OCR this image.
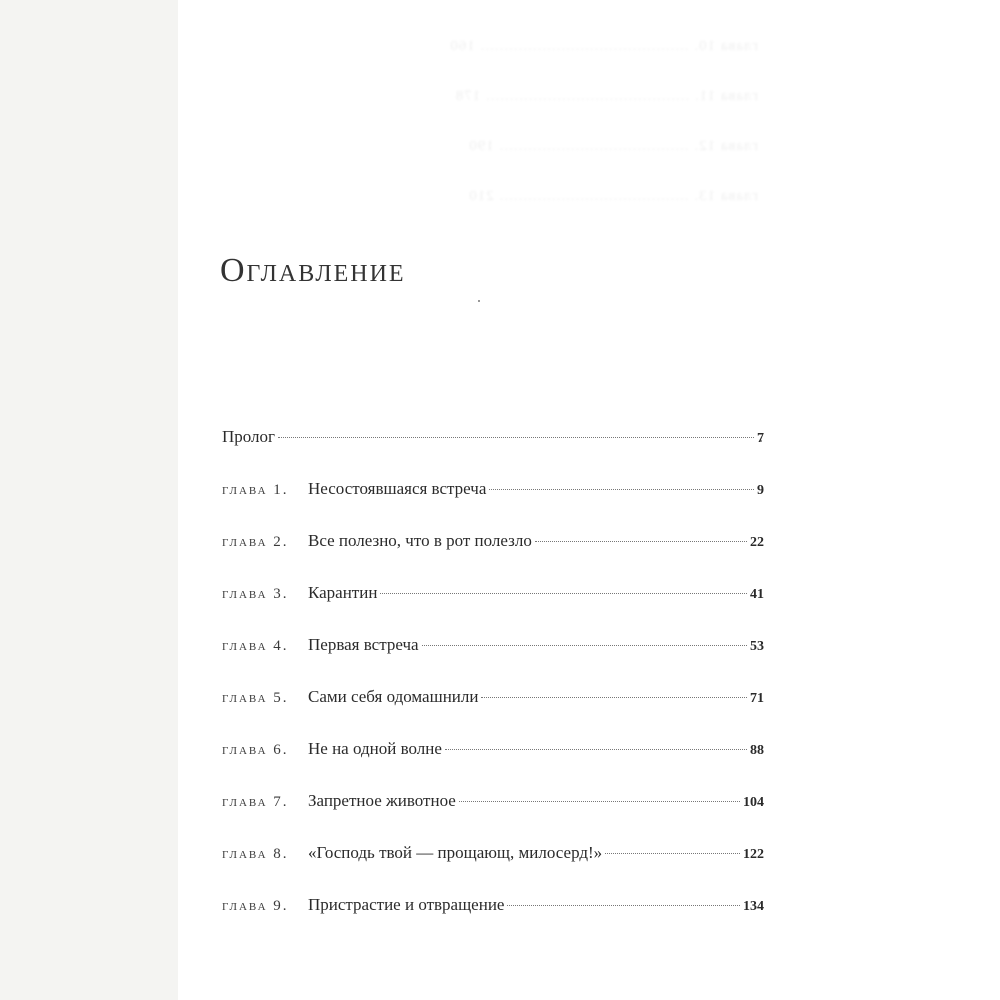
глава 10. ............................................ 160
глава 11. ........................................... 178
глава 12. ........................................ 190
глава 13. ........................................ 210
Оглавление
Пролог	7
глава 1.	Несостоявшаяся встреча	9
глава 2.	Все полезно, что в рот полезло	22
глава 3.	Карантин	41
глава 4.	Первая встреча	53
глава 5.	Сами себя одомашнили	71
глава 6.	Не на одной волне	88
глава 7.	Запретное животное	104
глава 8.	«Господь твой — прощающ, милосерд!»	122
глава 9.	Пристрастие и отвращение	134
